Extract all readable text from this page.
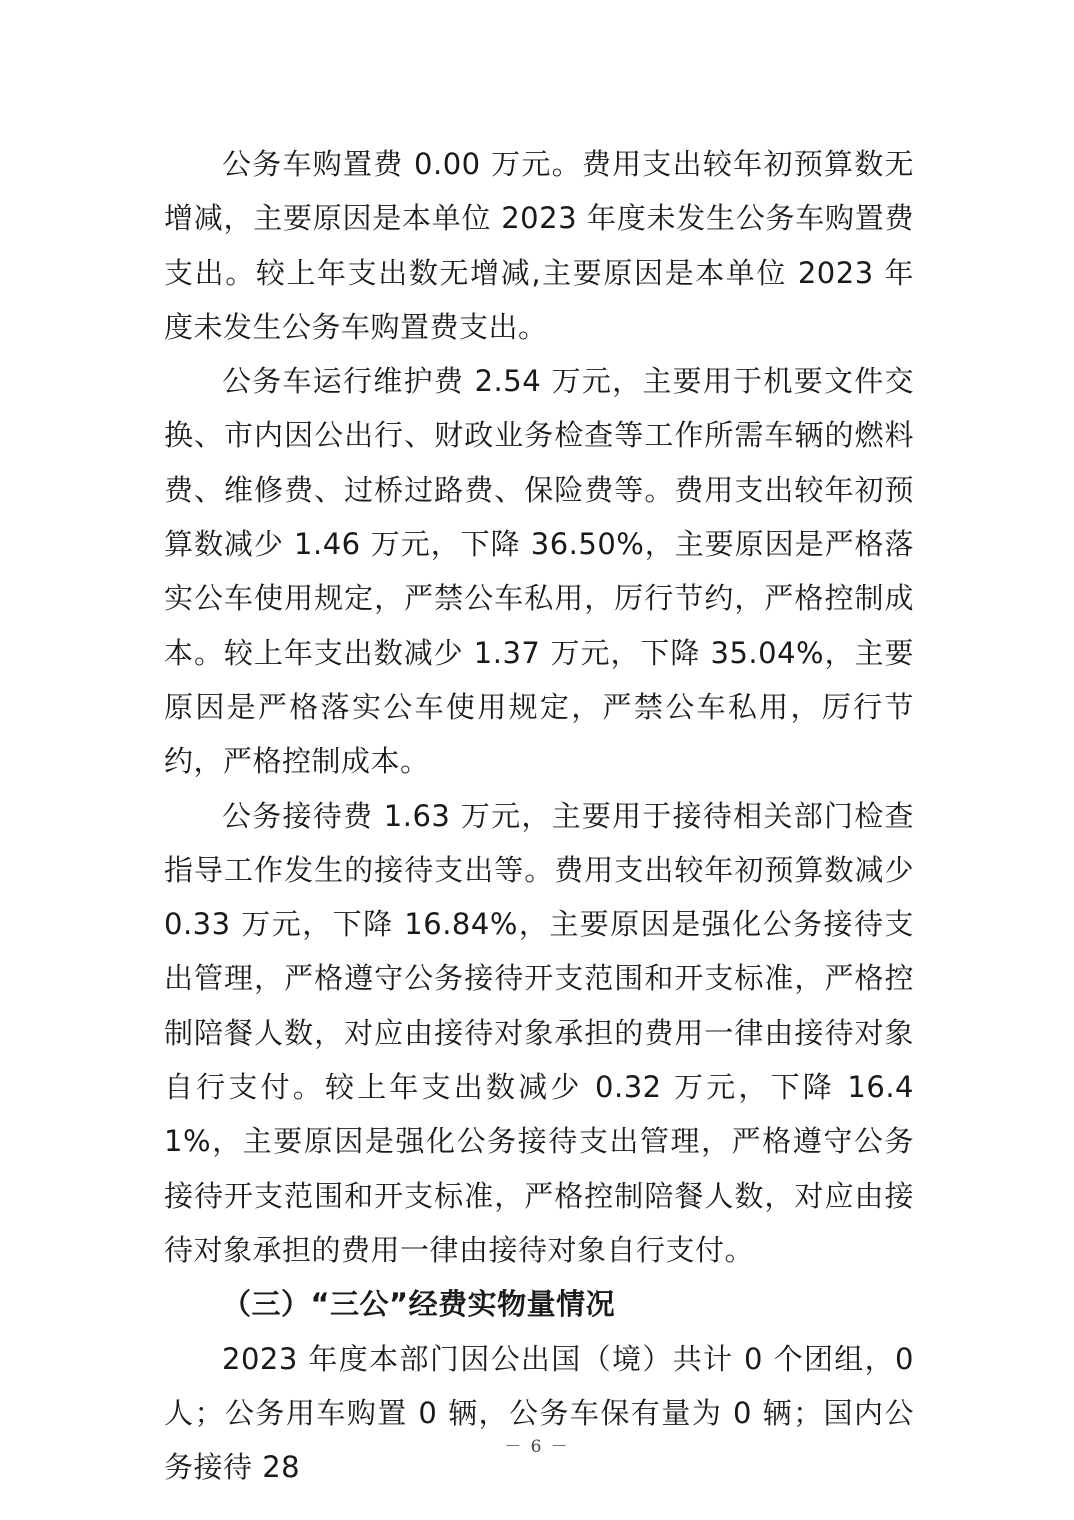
公务车购置费 0.00 万元。费用支出较年初预算数无增减，主要原因是本单位 2023 年度未发生公务车购置费支出。较上年支出数无增减,主要原因是本单位 2023 年度未发生公务车购置费支出。

公务车运行维护费 2.54 万元，主要用于机要文件交换、市内因公出行、财政业务检查等工作所需车辆的燃料费、维修费、过桥过路费、保险费等。费用支出较年初预算数减少 1.46 万元，下降 36.50%，主要原因是严格落实公车使用规定，严禁公车私用，厉行节约，严格控制成本。较上年支出数减少 1.37 万元，下降 35.04%，主要原因是严格落实公车使用规定，严禁公车私用，厉行节约，严格控制成本。

公务接待费 1.63 万元，主要用于接待相关部门检查指导工作发生的接待支出等。费用支出较年初预算数减少 0.33 万元，下降 16.84%，主要原因是强化公务接待支出管理，严格遵守公务接待开支范围和开支标准，严格控制陪餐人数，对应由接待对象承担的费用一律由接待对象自行支付。较上年支出数减少 0.32 万元，下降 16.41%，主要原因是强化公务接待支出管理，严格遵守公务接待开支范围和开支标准，严格控制陪餐人数，对应由接待对象承担的费用一律由接待对象自行支付。

（三）“三公”经费实物量情况

2023 年度本部门因公出国（境）共计 0 个团组，0 人；公务用车购置 0 辆，公务车保有量为 0 辆；国内公务接待 28

－ 6 －
